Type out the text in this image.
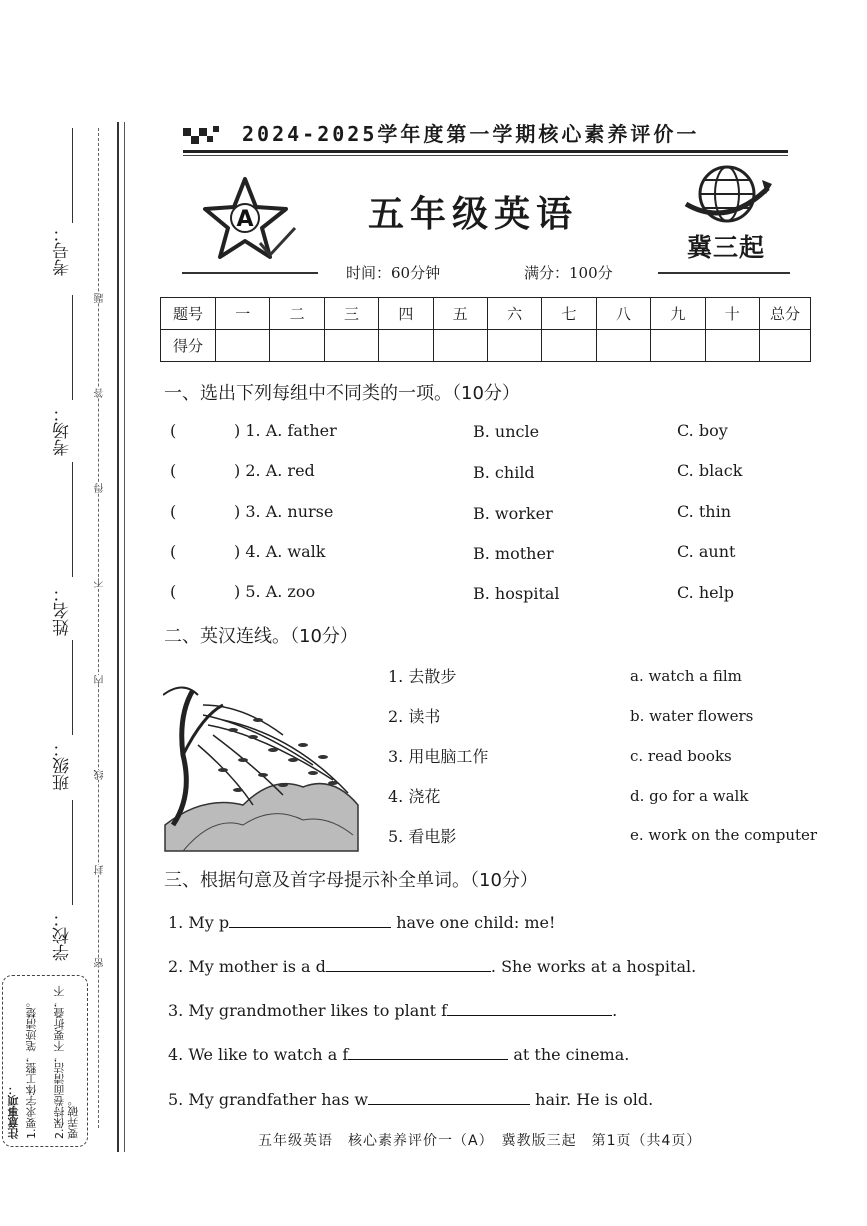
考号：
考场：
姓名：
班级：
学校：
题
答
得
不
内
线
封
密
注意事项： 1.要求字体工整，笔迹清楚。 2.保持卷面清洁，不要折叠，不要弄破。
2024-2025学年度第一学期核心素养评价一
A	五年级英语
冀三起
时间：60分钟	满分：100分
题号	一	二	三	四	五	六	七	八	九	十	总分
得分											
一、选出下列每组中不同类的一项。（10分）
(	) 1. A. father	B. uncle	C. boy
(	) 2. A. red	B. child	C. black
(	) 3. A. nurse	B. worker	C. thin
(	) 4. A. walk	B. mother	C. aunt
(	) 5. A. zoo	B. hospital	C. help
二、英汉连线。（10分）
1. 去散步
2. 读书
3. 用电脑工作
4. 浇花
5. 看电影
a. watch a film
b. water flowers
c. read books
d. go for a walk
e. work on the computer
三、根据句意及首字母提示补全单词。（10分）
1. My p	have one child: me!
2. My mother is a d	. She works at a hospital.
3. My grandmother likes to plant f	.
4. We like to watch a f	at the cinema.
5. My grandfather has w	hair. He is old.
五年级英语　核心素养评价一（A）　冀教版三起　第1页（共4页）
